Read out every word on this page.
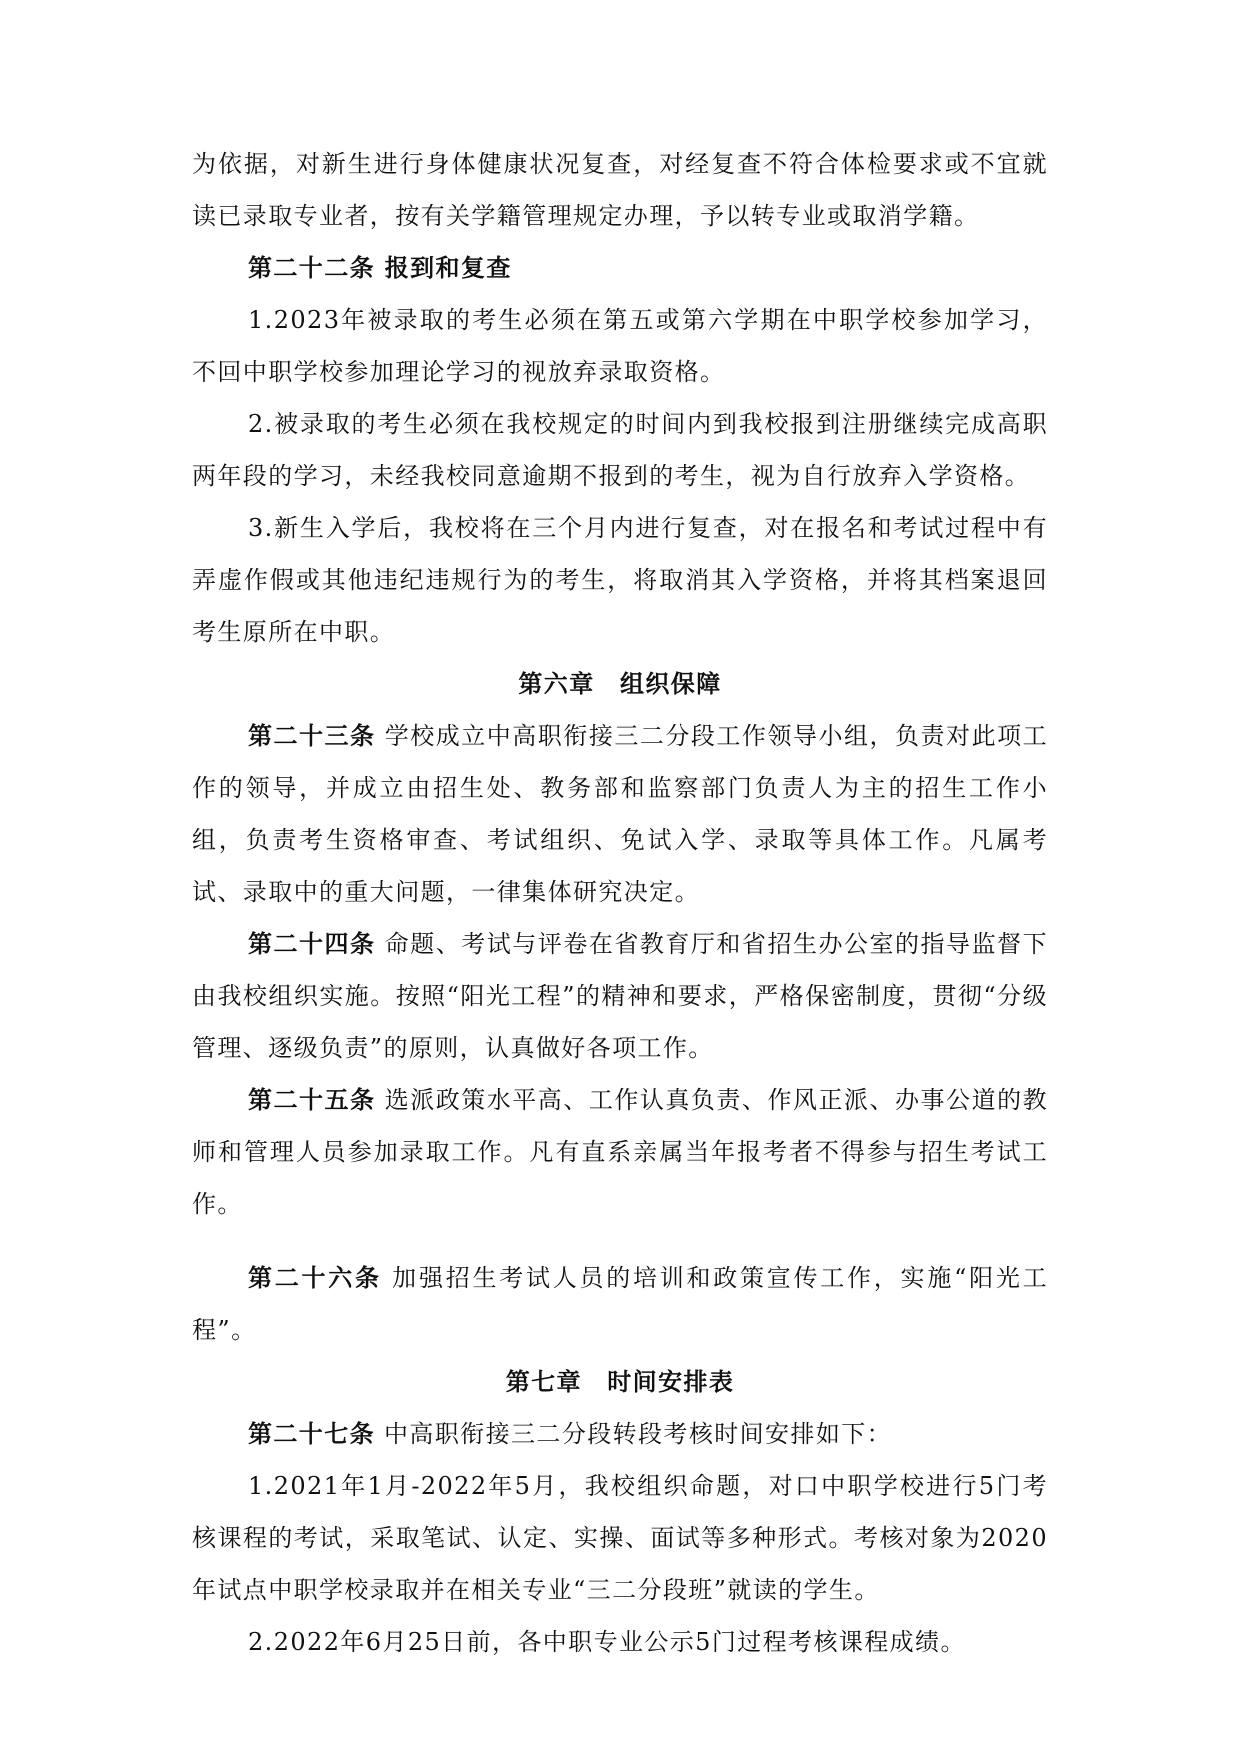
为依据，对新生进行身体健康状况复查，对经复查不符合体检要求或不宜就读已录取专业者，按有关学籍管理规定办理，予以转专业或取消学籍。

第二十二条 报到和复查

1.2023年被录取的考生必须在第五或第六学期在中职学校参加学习，不回中职学校参加理论学习的视放弃录取资格。

2.被录取的考生必须在我校规定的时间内到我校报到注册继续完成高职两年段的学习，未经我校同意逾期不报到的考生，视为自行放弃入学资格。

3.新生入学后，我校将在三个月内进行复查，对在报名和考试过程中有弄虚作假或其他违纪违规行为的考生，将取消其入学资格，并将其档案退回考生原所在中职。

第六章　组织保障

第二十三条 学校成立中高职衔接三二分段工作领导小组，负责对此项工作的领导，并成立由招生处、教务部和监察部门负责人为主的招生工作小组，负责考生资格审查、考试组织、免试入学、录取等具体工作。凡属考试、录取中的重大问题，一律集体研究决定。

第二十四条 命题、考试与评卷在省教育厅和省招生办公室的指导监督下由我校组织实施。按照“阳光工程”的精神和要求，严格保密制度，贯彻“分级管理、逐级负责”的原则，认真做好各项工作。

第二十五条 选派政策水平高、工作认真负责、作风正派、办事公道的教师和管理人员参加录取工作。凡有直系亲属当年报考者不得参与招生考试工作。

第二十六条 加强招生考试人员的培训和政策宣传工作，实施“阳光工程”。

第七章　时间安排表

第二十七条 中高职衔接三二分段转段考核时间安排如下：

1.2021年1月-2022年5月，我校组织命题，对口中职学校进行5门考核课程的考试，采取笔试、认定、实操、面试等多种形式。考核对象为2020年试点中职学校录取并在相关专业“三二分段班”就读的学生。

2.2022年6月25日前，各中职专业公示5门过程考核课程成绩。
